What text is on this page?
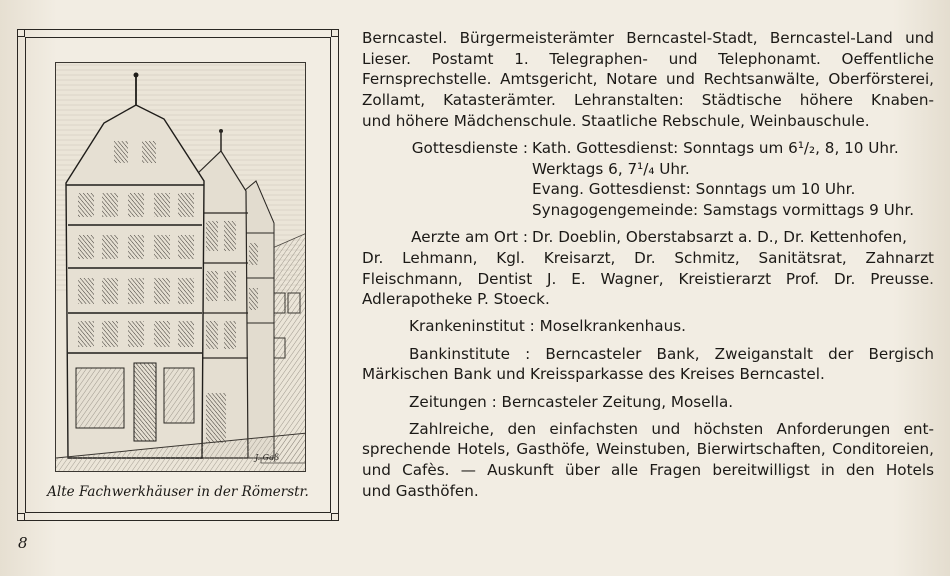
J. Gaß
Alte Fachwerkhäuser in der Römerstr.
8
Berncastel. Bürgermeisterämter Berncastel-Stadt, Berncastel-Land und
Lieser. Postamt 1. Telegraphen- und Telephonamt. Oeffentliche
Fernsprechstelle. Amtsgericht, Notare und Rechtsanwälte, Oberförsterei,
Zollamt, Katasterämter. Lehranstalten: Städtische höhere Knaben-
und höhere Mädchenschule. Staatliche Rebschule, Weinbauschule.
Gottesdienste : Kath. Gottesdienst: Sonntags um 6¹/₂, 8, 10 Uhr.
Werktags 6, 7¹/₄ Uhr.
Evang. Gottesdienst: Sonntags um 10 Uhr.
Synagogengemeinde: Samstags vormittags 9 Uhr.
Aerzte am Ort : Dr. Doeblin, Oberstabsarzt a. D., Dr. Kettenhofen,
Dr. Lehmann, Kgl. Kreisarzt, Dr. Schmitz, Sanitätsrat, Zahnarzt
Fleischmann, Dentist J. E. Wagner, Kreistierarzt Prof. Dr. Preusse.
Adlerapotheke P. Stoeck.
Krankeninstitut : Moselkrankenhaus.
Bankinstitute : Berncasteler Bank, Zweiganstalt der Bergisch
Märkischen Bank und Kreissparkasse des Kreises Berncastel.
Zeitungen : Berncasteler Zeitung, Mosella.
Zahlreiche, den einfachsten und höchsten Anforderungen ent-
sprechende Hotels, Gasthöfe, Weinstuben, Bierwirtschaften, Conditoreien,
und Cafès. — Auskunft über alle Fragen bereitwilligst in den Hotels
und Gasthöfen.
